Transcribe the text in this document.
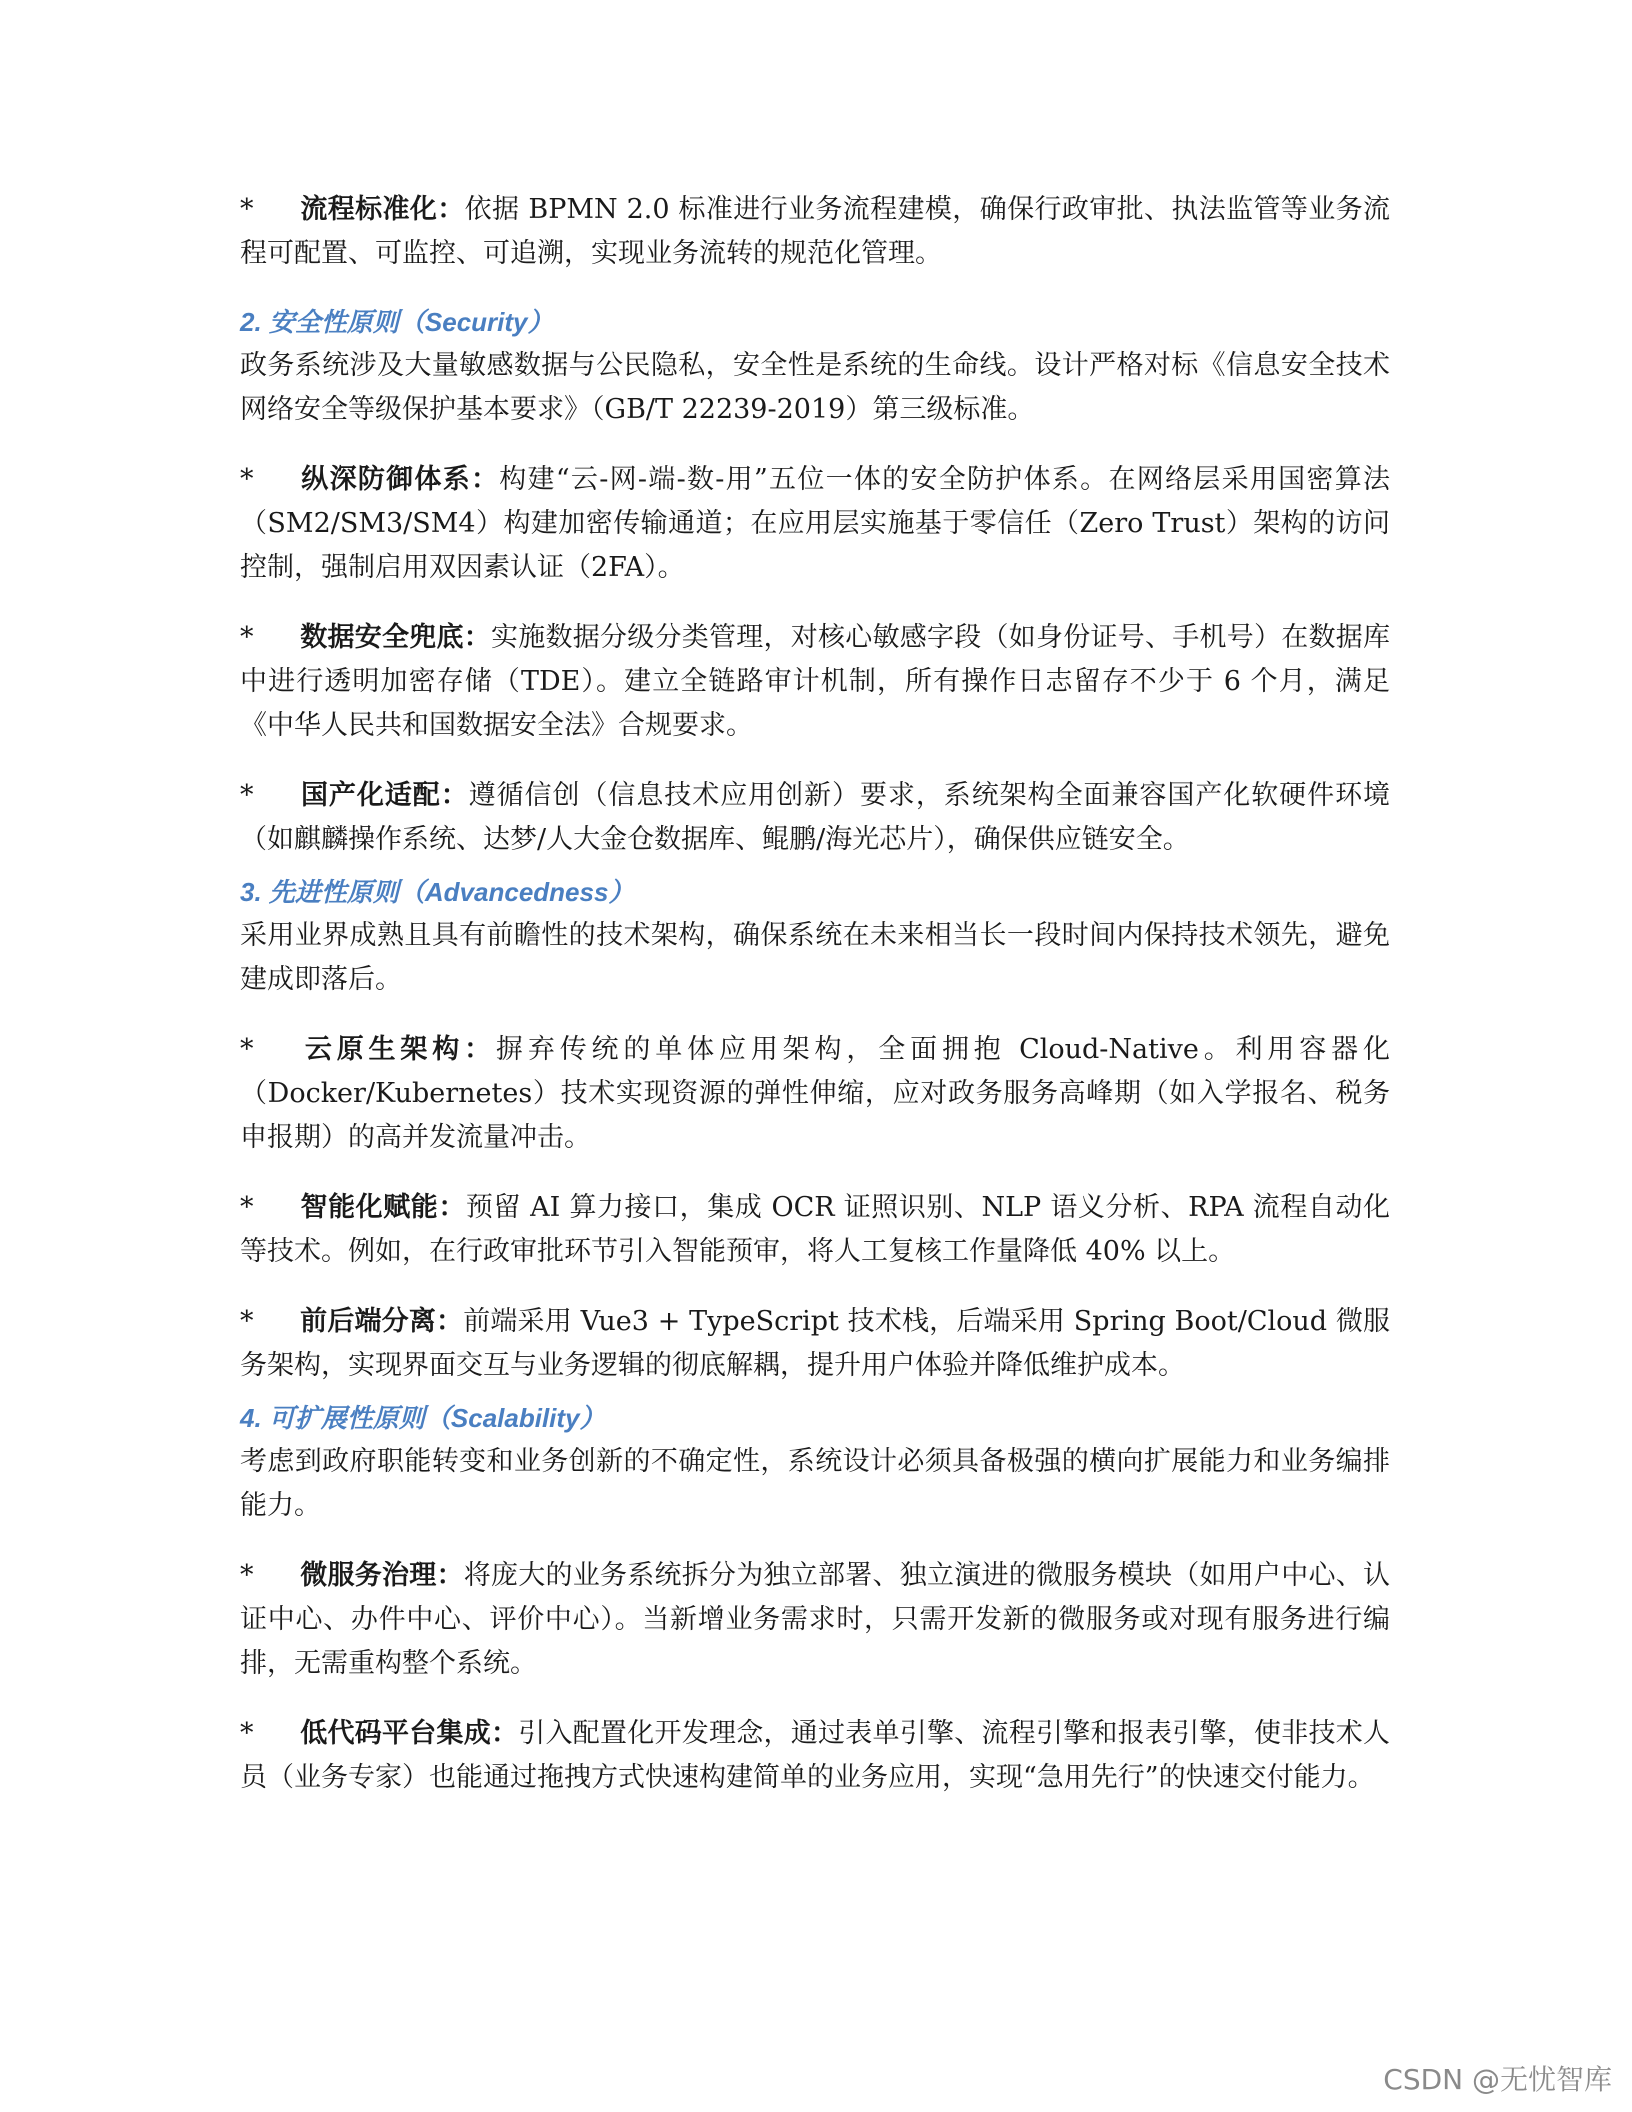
* 流程标准化：依据 BPMN 2.0 标准进行业务流程建模，确保行政审批、执法监管等业务流程可配置、可监控、可追溯，实现业务流转的规范化管理。

2. 安全性原则（Security）

政务系统涉及大量敏感数据与公民隐私，安全性是系统的生命线。设计严格对标《信息安全技术 网络安全等级保护基本要求》（GB/T 22239-2019）第三级标准。

* 纵深防御体系：构建“云-网-端-数-用”五位一体的安全防护体系。在网络层采用国密算法（SM2/SM3/SM4）构建加密传输通道；在应用层实施基于零信任（Zero Trust）架构的访问控制，强制启用双因素认证（2FA）。

* 数据安全兜底：实施数据分级分类管理，对核心敏感字段（如身份证号、手机号）在数据库中进行透明加密存储（TDE）。建立全链路审计机制，所有操作日志留存不少于 6 个月，满足《中华人民共和国数据安全法》合规要求。

* 国产化适配：遵循信创（信息技术应用创新）要求，系统架构全面兼容国产化软硬件环境（如麒麟操作系统、达梦/人大金仓数据库、鲲鹏/海光芯片），确保供应链安全。

3. 先进性原则（Advancedness）

采用业界成熟且具有前瞻性的技术架构，确保系统在未来相当长一段时间内保持技术领先，避免建成即落后。

* 云原生架构：摒弃传统的单体应用架构，全面拥抱 Cloud-Native。利用容器化（Docker/Kubernetes）技术实现资源的弹性伸缩，应对政务服务高峰期（如入学报名、税务申报期）的高并发流量冲击。

* 智能化赋能：预留 AI 算力接口，集成 OCR 证照识别、NLP 语义分析、RPA 流程自动化等技术。例如，在行政审批环节引入智能预审，将人工复核工作量降低 40% 以上。

* 前后端分离：前端采用 Vue3 + TypeScript 技术栈，后端采用 Spring Boot/Cloud 微服务架构，实现界面交互与业务逻辑的彻底解耦，提升用户体验并降低维护成本。

4. 可扩展性原则（Scalability）

考虑到政府职能转变和业务创新的不确定性，系统设计必须具备极强的横向扩展能力和业务编排能力。

* 微服务治理：将庞大的业务系统拆分为独立部署、独立演进的微服务模块（如用户中心、认证中心、办件中心、评价中心）。当新增业务需求时，只需开发新的微服务或对现有服务进行编排，无需重构整个系统。

* 低代码平台集成：引入配置化开发理念，通过表单引擎、流程引擎和报表引擎，使非技术人员（业务专家）也能通过拖拽方式快速构建简单的业务应用，实现“急用先行”的快速交付能力。

CSDN @无忧智库
